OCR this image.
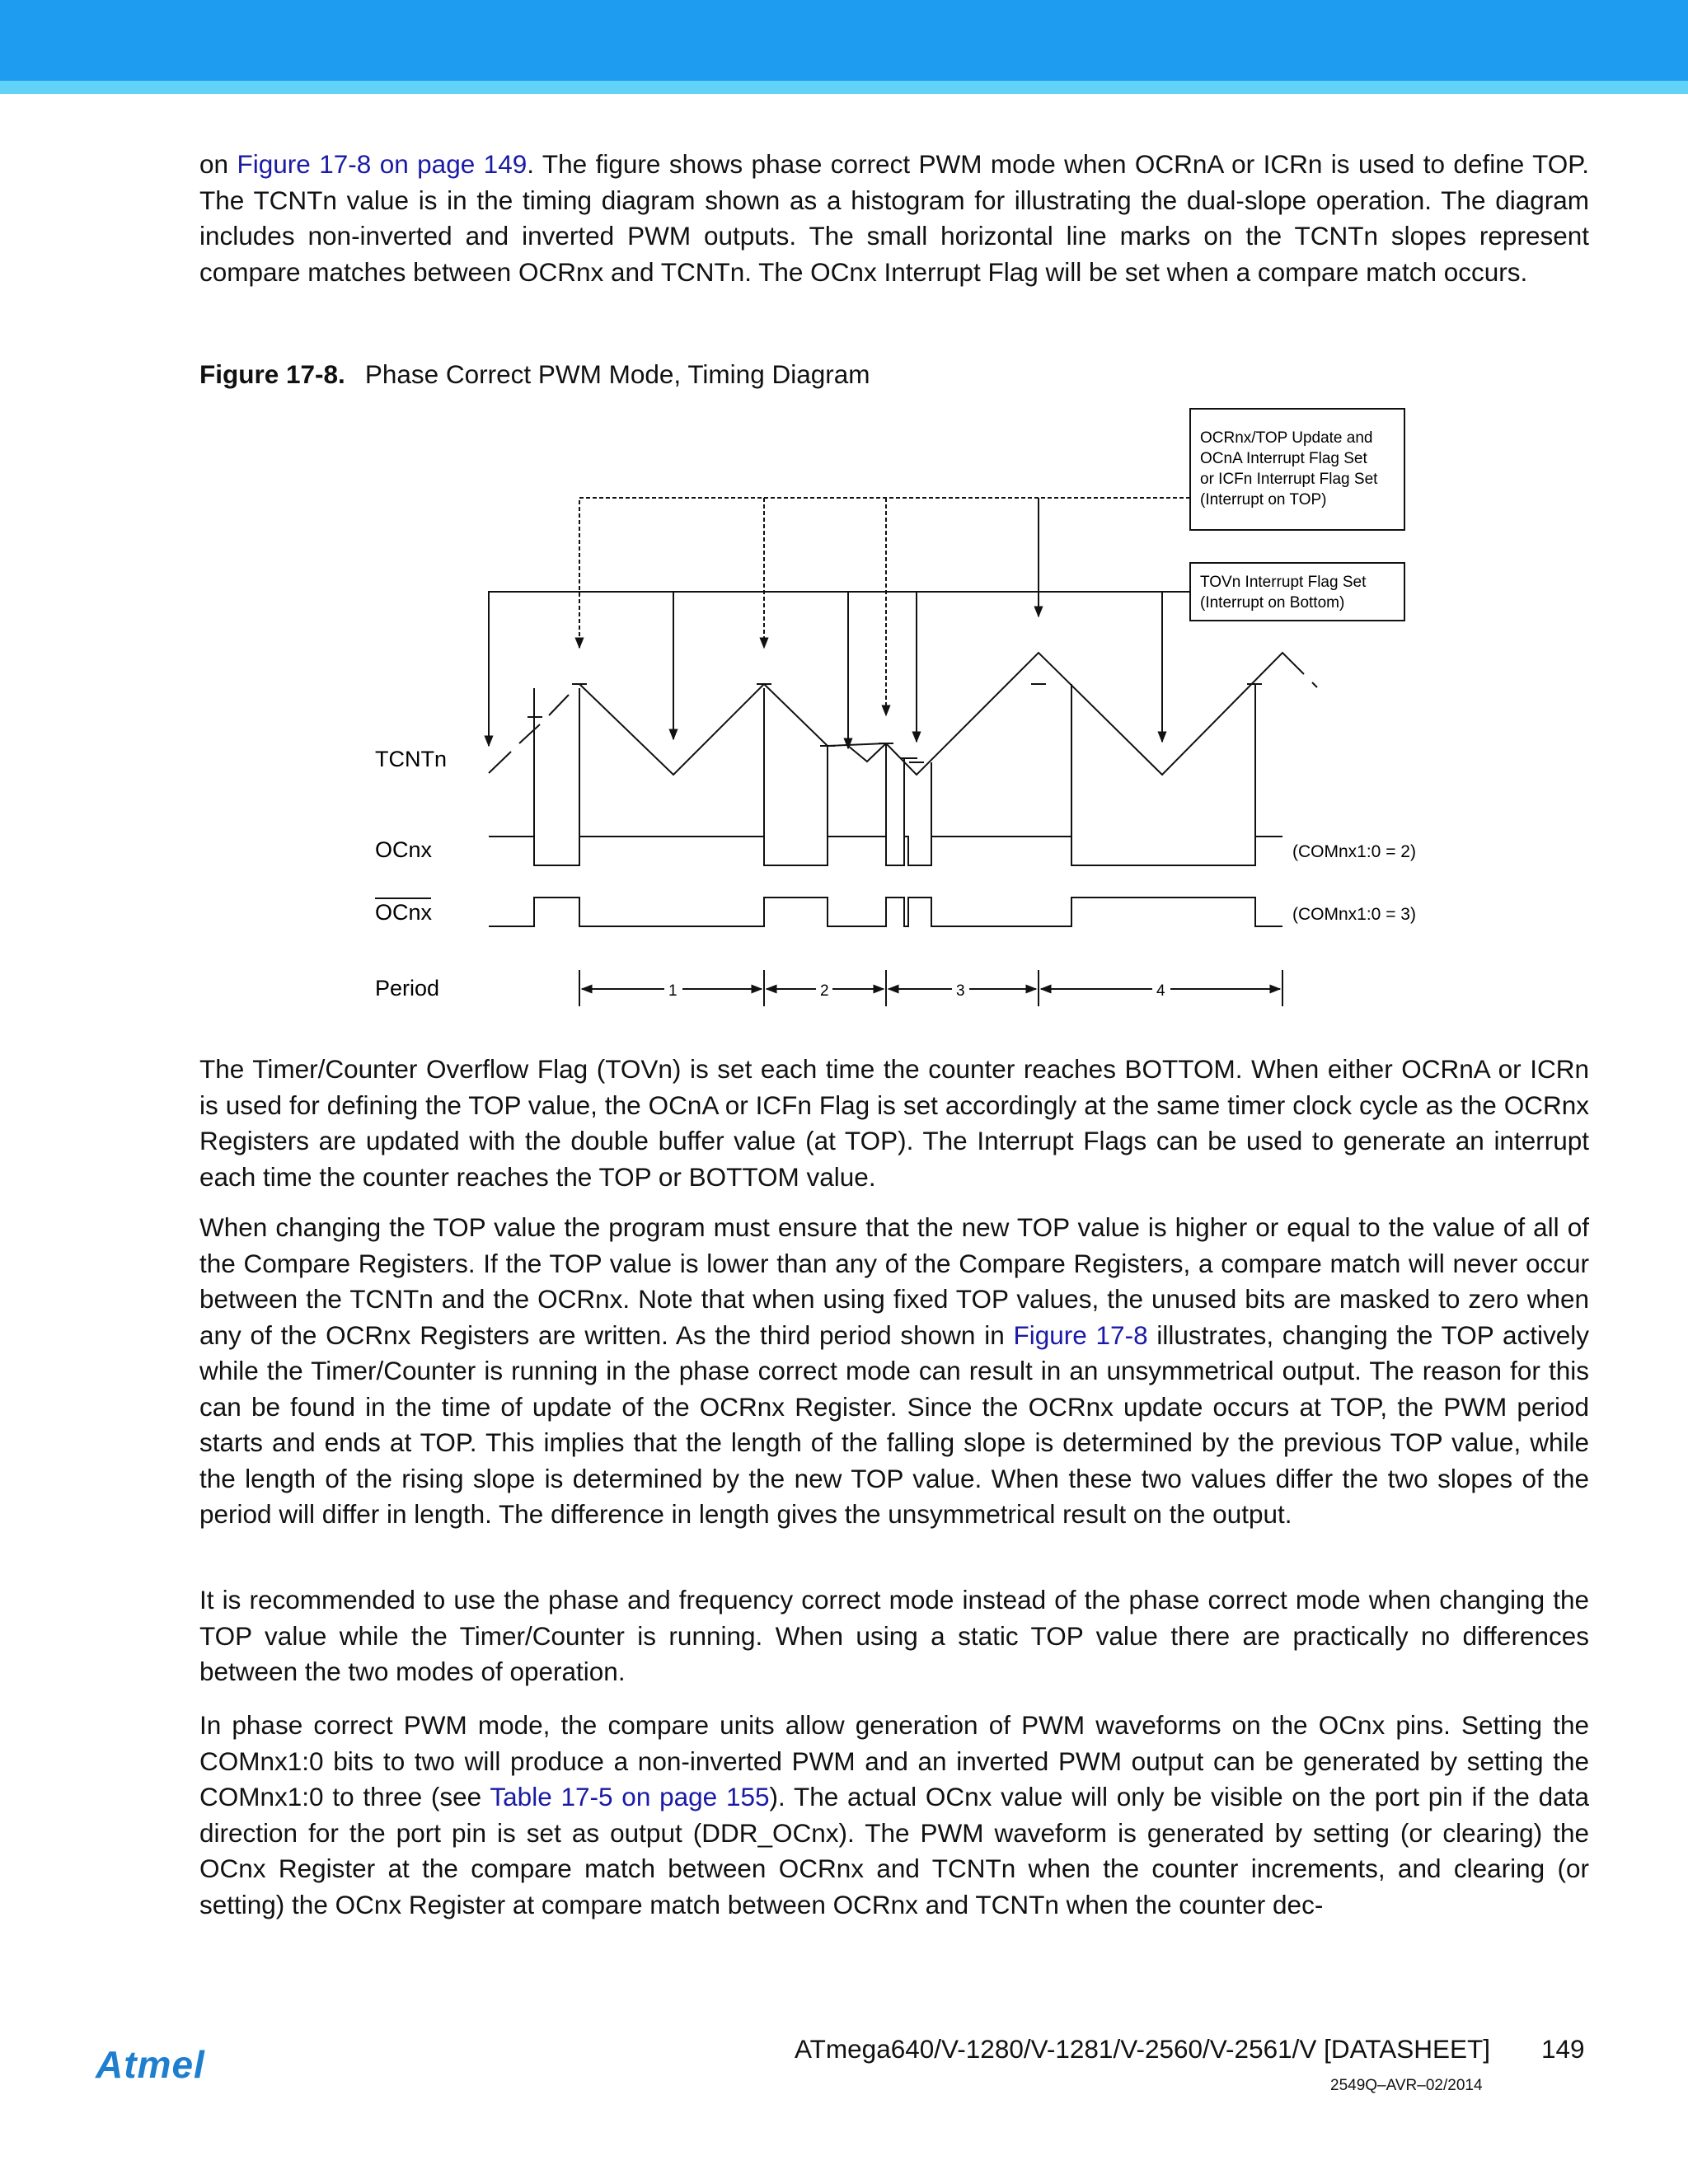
on Figure 17-8 on page 149. The figure shows phase correct PWM mode when OCRnA or ICRn is used to define TOP. The TCNTn value is in the timing diagram shown as a histogram for illustrating the dual-slope operation. The diagram includes non-inverted and inverted PWM outputs. The small horizontal line marks on the TCNTn slopes represent compare matches between OCRnx and TCNTn. The OCnx Interrupt Flag will be set when a compare match occurs.

Figure 17-8. Phase Correct PWM Mode, Timing Diagram
OCRnx/TOP Update and
OCnA Interrupt Flag Set
or ICFn Interrupt Flag Set
(Interrupt on TOP)
TOVn Interrupt Flag Set
(Interrupt on Bottom)
TCNTn
OCnx
OCnx
Period
(COMnx1:0 = 2)
(COMnx1:0 = 3)
1	2	3	4

The Timer/Counter Overflow Flag (TOVn) is set each time the counter reaches BOTTOM. When either OCRnA or ICRn is used for defining the TOP value, the OCnA or ICFn Flag is set accordingly at the same timer clock cycle as the OCRnx Registers are updated with the double buffer value (at TOP). The Interrupt Flags can be used to generate an interrupt each time the counter reaches the TOP or BOTTOM value.

When changing the TOP value the program must ensure that the new TOP value is higher or equal to the value of all of the Compare Registers. If the TOP value is lower than any of the Compare Registers, a compare match will never occur between the TCNTn and the OCRnx. Note that when using fixed TOP values, the unused bits are masked to zero when any of the OCRnx Registers are written. As the third period shown in Figure 17-8 illustrates, changing the TOP actively while the Timer/Counter is running in the phase correct mode can result in an unsymmetrical output. The reason for this can be found in the time of update of the OCRnx Register. Since the OCRnx update occurs at TOP, the PWM period starts and ends at TOP. This implies that the length of the falling slope is determined by the previous TOP value, while the length of the rising slope is determined by the new TOP value. When these two values differ the two slopes of the period will differ in length. The difference in length gives the unsymmetrical result on the output.

It is recommended to use the phase and frequency correct mode instead of the phase correct mode when changing the TOP value while the Timer/Counter is running. When using a static TOP value there are practically no differences between the two modes of operation.

In phase correct PWM mode, the compare units allow generation of PWM waveforms on the OCnx pins. Setting the COMnx1:0 bits to two will produce a non-inverted PWM and an inverted PWM output can be generated by setting the COMnx1:0 to three (see Table 17-5 on page 155). The actual OCnx value will only be visible on the port pin if the data direction for the port pin is set as output (DDR_OCnx). The PWM waveform is generated by setting (or clearing) the OCnx Register at the compare match between OCRnx and TCNTn when the counter increments, and clearing (or setting) the OCnx Register at compare match between OCRnx and TCNTn when the counter dec-

Atmel	ATmega640/V-1280/V-1281/V-2560/V-2561/V [DATASHEET] 149
2549Q–AVR–02/2014
